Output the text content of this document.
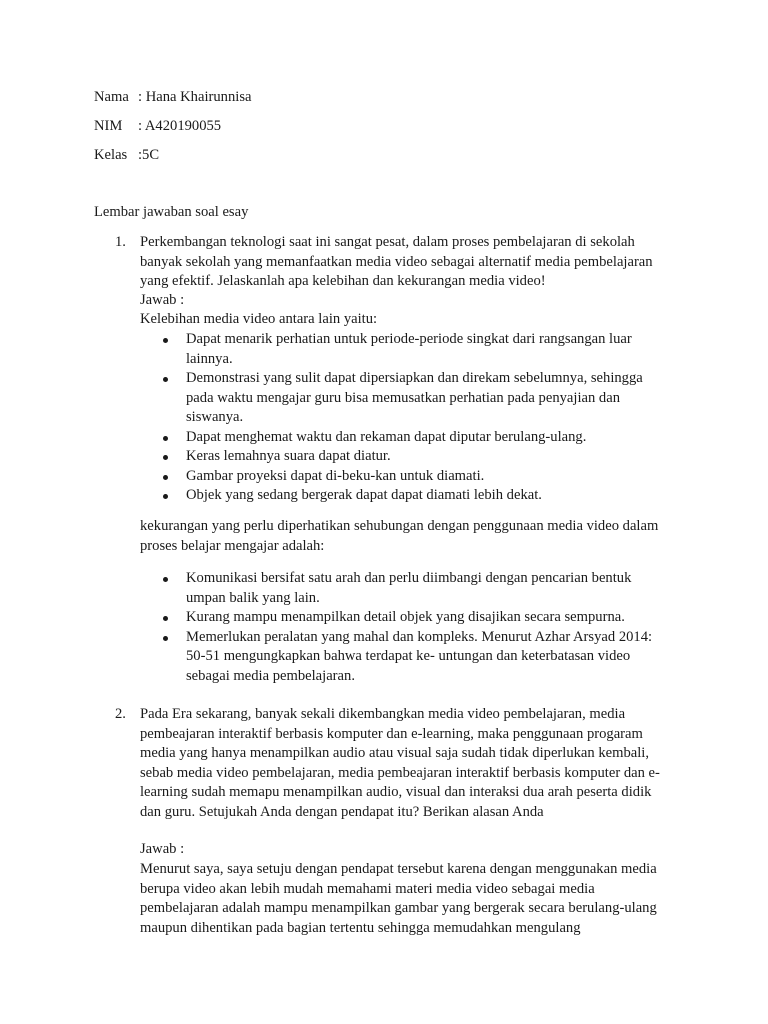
Nama : Hana Khairunnisa
NIM : A420190055
Kelas :5C
Lembar jawaban soal esay
1. Perkembangan teknologi saat ini sangat pesat, dalam proses pembelajaran di sekolah banyak sekolah yang memanfaatkan media video sebagai alternatif media pembelajaran yang efektif. Jelaskanlah apa kelebihan dan kekurangan media video!
Jawab :
Kelebihan media video antara lain yaitu:
Dapat menarik perhatian untuk periode-periode singkat dari rangsangan luar lainnya.
Demonstrasi yang sulit dapat dipersiapkan dan direkam sebelumnya, sehingga pada waktu mengajar guru bisa memusatkan perhatian pada penyajian dan siswanya.
Dapat menghemat waktu dan rekaman dapat diputar berulang-ulang.
Keras lemahnya suara dapat diatur.
Gambar proyeksi dapat di-beku-kan untuk diamati.
Objek yang sedang bergerak dapat dapat diamati lebih dekat.
kekurangan yang perlu diperhatikan sehubungan dengan penggunaan media video dalam proses belajar mengajar adalah:
Komunikasi bersifat satu arah dan perlu diimbangi dengan pencarian bentuk umpan balik yang lain.
Kurang mampu menampilkan detail objek yang disajikan secara sempurna.
Memerlukan peralatan yang mahal dan kompleks. Menurut Azhar Arsyad 2014: 50-51 mengungkapkan bahwa terdapat ke- untungan dan keterbatasan video sebagai media pembelajaran.
2. Pada Era sekarang, banyak sekali dikembangkan media video pembelajaran, media pembeajaran interaktif berbasis komputer dan e-learning, maka penggunaan progaram media yang hanya menampilkan audio atau visual saja sudah tidak diperlukan kembali, sebab media video pembelajaran, media pembeajaran interaktif berbasis komputer dan e-learning sudah memapu menampilkan audio, visual dan interaksi dua arah peserta didik dan guru. Setujukah Anda dengan pendapat itu? Berikan alasan Anda
Jawab :
Menurut saya, saya setuju dengan pendapat tersebut karena dengan menggunakan media berupa video akan lebih mudah memahami materi media video sebagai media pembelajaran adalah mampu menampilkan gambar yang bergerak secara berulang-ulang maupun dihentikan pada bagian tertentu sehingga memudahkan mengulang
